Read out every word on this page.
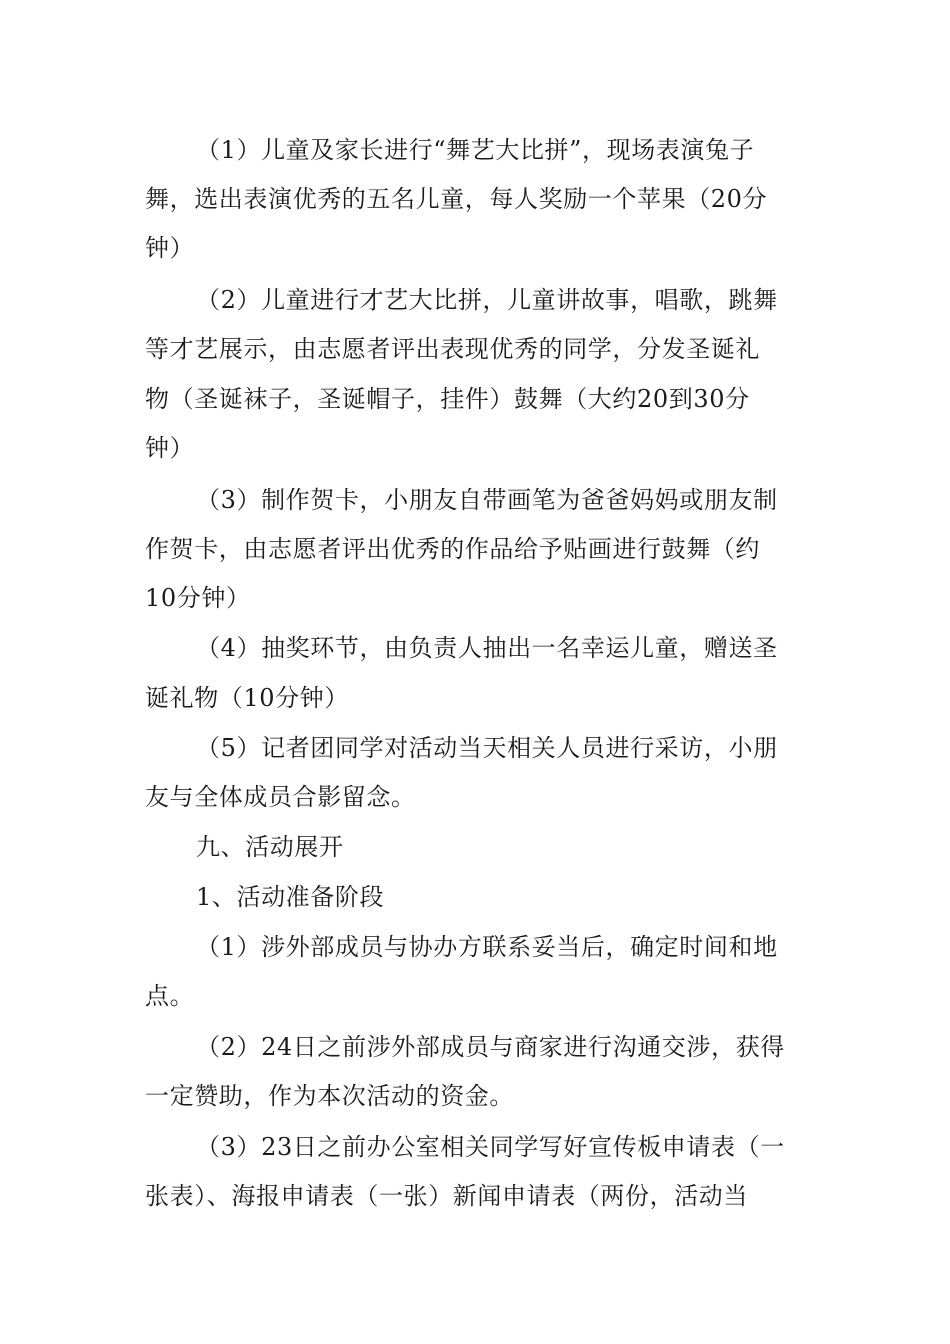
（1）儿童及家长进行“舞艺大比拼”，现场表演兔子
舞，选出表演优秀的五名儿童，每人奖励一个苹果（20分
钟）
（2）儿童进行才艺大比拼，儿童讲故事，唱歌，跳舞
等才艺展示，由志愿者评出表现优秀的同学，分发圣诞礼
物（圣诞袜子，圣诞帽子，挂件）鼓舞（大约20到30分
钟）
（3）制作贺卡，小朋友自带画笔为爸爸妈妈或朋友制
作贺卡，由志愿者评出优秀的作品给予贴画进行鼓舞（约
10分钟）
（4）抽奖环节，由负责人抽出一名幸运儿童，赠送圣
诞礼物（10分钟）
（5）记者团同学对活动当天相关人员进行采访，小朋
友与全体成员合影留念。
九、活动展开
1、活动准备阶段
（1）涉外部成员与协办方联系妥当后，确定时间和地
点。
（2）24日之前涉外部成员与商家进行沟通交涉，获得
一定赞助，作为本次活动的资金。
（3）23日之前办公室相关同学写好宣传板申请表（一
张表）、海报申请表（一张）新闻申请表（两份，活动当
